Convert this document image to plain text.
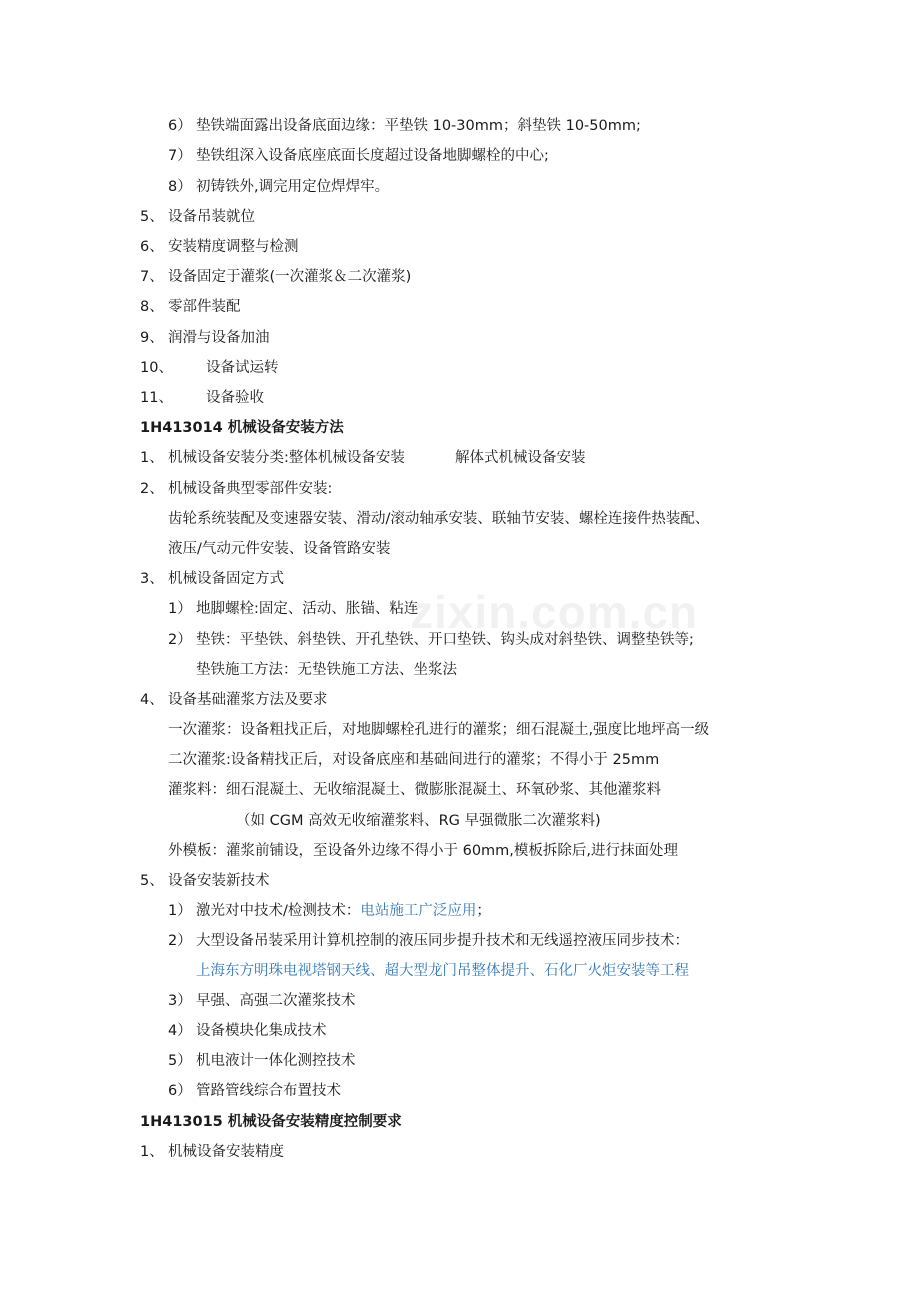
zixin.com.cn
6） 垫铁端面露出设备底面边缘：平垫铁 10-30mm；斜垫铁 10-50mm;
7） 垫铁组深入设备底座底面长度超过设备地脚螺栓的中心;
8） 初铸铁外,调完用定位焊焊牢。
5、 设备吊装就位
6、 安装精度调整与检测
7、 设备固定于灌浆(一次灌浆＆二次灌浆)
8、 零部件装配
9、 润滑与设备加油
10、 设备试运转
11、 设备验收
1H413014 机械设备安装方法
1、 机械设备安装分类:整体机械设备安装	解体式机械设备安装
2、 机械设备典型零部件安装:
齿轮系统装配及变速器安装、滑动/滚动轴承安装、联轴节安装、螺栓连接件热装配、
液压/气动元件安装、设备管路安装
3、 机械设备固定方式
1） 地脚螺栓:固定、活动、胀锚、粘连
2） 垫铁：平垫铁、斜垫铁、开孔垫铁、开口垫铁、钩头成对斜垫铁、调整垫铁等;
垫铁施工方法：无垫铁施工方法、坐浆法
4、 设备基础灌浆方法及要求
一次灌浆：设备粗找正后，对地脚螺栓孔进行的灌浆；细石混凝土,强度比地坪高一级
二次灌浆:设备精找正后，对设备底座和基础间进行的灌浆；不得小于 25mm
灌浆料：细石混凝土、无收缩混凝土、微膨胀混凝土、环氧砂浆、其他灌浆料
（如 CGM 高效无收缩灌浆料、RG 早强微胀二次灌浆料)
外模板：灌浆前铺设，至设备外边缘不得小于 60mm,模板拆除后,进行抹面处理
5、 设备安装新技术
1） 激光对中技术/检测技术：电站施工广泛应用；
2） 大型设备吊装采用计算机控制的液压同步提升技术和无线遥控液压同步技术：
上海东方明珠电视塔钢天线、超大型龙门吊整体提升、石化厂火炬安装等工程
3） 早强、高强二次灌浆技术
4） 设备模块化集成技术
5） 机电液计一体化测控技术
6） 管路管线综合布置技术
1H413015 机械设备安装精度控制要求
1、 机械设备安装精度
